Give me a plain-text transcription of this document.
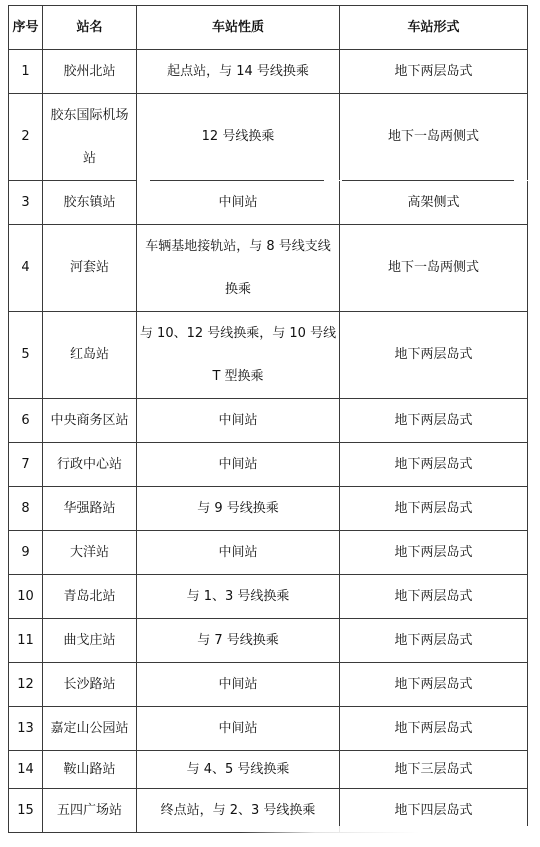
序号	站名	车站性质	车站形式
1	胶州北站	起点站，与 14 号线换乘	地下两层岛式
2	胶东国际机场站	12 号线换乘	地下一岛两侧式
3	胶东镇站	中间站	高架侧式
4	河套站	车辆基地接轨站，与 8 号线支线换乘	地下一岛两侧式
5	红岛站	与 10、12 号线换乘，与 10 号线 T 型换乘	地下两层岛式
6	中央商务区站	中间站	地下两层岛式
7	行政中心站	中间站	地下两层岛式
8	华强路站	与 9 号线换乘	地下两层岛式
9	大洋站	中间站	地下两层岛式
10	青岛北站	与 1、3 号线换乘	地下两层岛式
11	曲戈庄站	与 7 号线换乘	地下两层岛式
12	长沙路站	中间站	地下两层岛式
13	嘉定山公园站	中间站	地下两层岛式
14	鞍山路站	与 4、5 号线换乘	地下三层岛式
15	五四广场站	终点站，与 2、3 号线换乘	地下四层岛式
